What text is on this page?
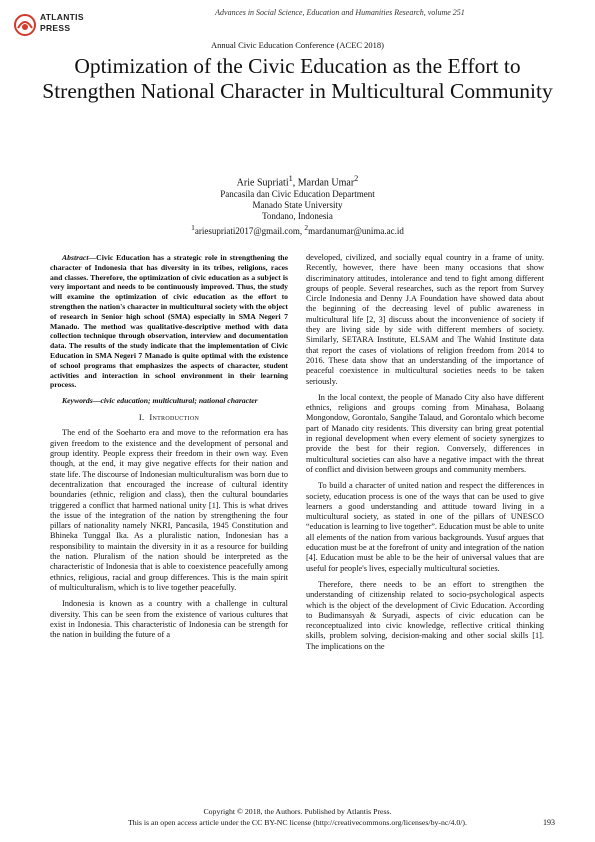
ATLANTIS
PRESS
Advances in Social Science, Education and Humanities Research, volume 251
Annual Civic Education Conference (ACEC 2018)
Optimization of the Civic Education as the Effort to Strengthen National Character in Multicultural Community
Arie Supriati$^1$, Mardan Umar$^2$
Pancasila dan Civic Education Department
Manado State University
Tondano, Indonesia
$^1$ariesupriati2017@gmail.com, $^2$mardanumar@unima.ac.id

Abstract—Civic Education has a strategic role in strengthening the character of Indonesia that has diversity in its tribes, religions, races and classes. Therefore, the optimization of civic education as a subject is very important and needs to be continuously improved. Thus, the study will examine the optimization of civic education as the effort to strengthen the nation's character in multicultural society with the object of research in Senior high school (SMA) especially in SMA Negeri 7 Manado. The method was qualitative-descriptive method with data collection technique through observation, interview and documentation data. The results of the study indicate that the implementation of Civic Education in SMA Negeri 7 Manado is quite optimal with the existence of school programs that emphasizes the aspects of character, student activities and interaction in school environment in their learning process.

Keywords—civic education; multicultural; national character

I. Introduction

The end of the Soeharto era and move to the reformation era has given freedom to the existence and the development of personal and group identity. People express their freedom in their own way. Even though, at the end, it may give negative effects for their nation and state life. The discourse of Indonesian multiculturalism was born due to decentralization that encouraged the increase of cultural identity boundaries (ethnic, religion and class), then the cultural boundaries triggered a conflict that harmed national unity [1]. This is what drives the issue of the integration of the nation by strengthening the four pillars of nationality namely NKRI, Pancasila, 1945 Constitution and Bhineka Tunggal Ika. As a pluralistic nation, Indonesian has a responsibility to maintain the diversity in it as a resource for building the nation. Pluralism of the nation should be interpreted as the characteristic of Indonesia that is able to coexistence peacefully among ethnics, religious, racial and group differences. This is the main spirit of multiculturalism, which is to live together peacefully.

Indonesia is known as a country with a challenge in cultural diversity. This can be seen from the existence of various cultures that exist in Indonesia. This characteristic of Indonesia can be strength for the nation in building the future of a

developed, civilized, and socially equal country in a frame of unity. Recently, however, there have been many occasions that show discriminatory attitudes, intolerance and tend to fight among different groups of people. Several researches, such as the report from Survey Circle Indonesia and Denny J.A Foundation have showed data about the beginning of the decreasing level of public awareness in multicultural life [2, 3] discuss about the inconvenience of society if they are living side by side with different members of society. Similarly, SETARA Institute, ELSAM and The Wahid Institute data that report the cases of violations of religion freedom from 2014 to 2016. These data show that an understanding of the importance of peaceful coexistence in multicultural societies needs to be taken seriously.

In the local context, the people of Manado City also have different ethnics, religions and groups coming from Minahasa, Bolaang Mongondow, Gorontalo, Sangihe Talaud, and Gorontalo which become part of Manado city residents. This diversity can bring great potential in regional development when every element of society synergizes to provide the best for their region. Conversely, differences in multicultural societies can also have a negative impact with the threat of conflict and division between groups and community members.

To build a character of united nation and respect the differences in society, education process is one of the ways that can be used to give learners a good understanding and attitude toward living in a multicultural society, as stated in one of the pillars of UNESCO “education is learning to live together”. Education must be able to unite all elements of the nation from various backgrounds. Yusuf argues that education must be at the forefront of unity and integration of the nation [4]. Education must be able to be the heir of universal values that are useful for people's lives, especially multicultural societies.

Therefore, there needs to be an effort to strengthen the understanding of citizenship related to socio-psychological aspects which is the object of the development of Civic Education. According to Budimansyah & Suryadi, aspects of civic education can be reconceptualized into civic knowledge, reflective critical thinking skills, problem solving, decision-making and other social skills [1]. The implications on the

Copyright © 2018, the Authors. Published by Atlantis Press.
This is an open access article under the CC BY-NC license (http://creativecommons.org/licenses/by-nc/4.0/).	193
